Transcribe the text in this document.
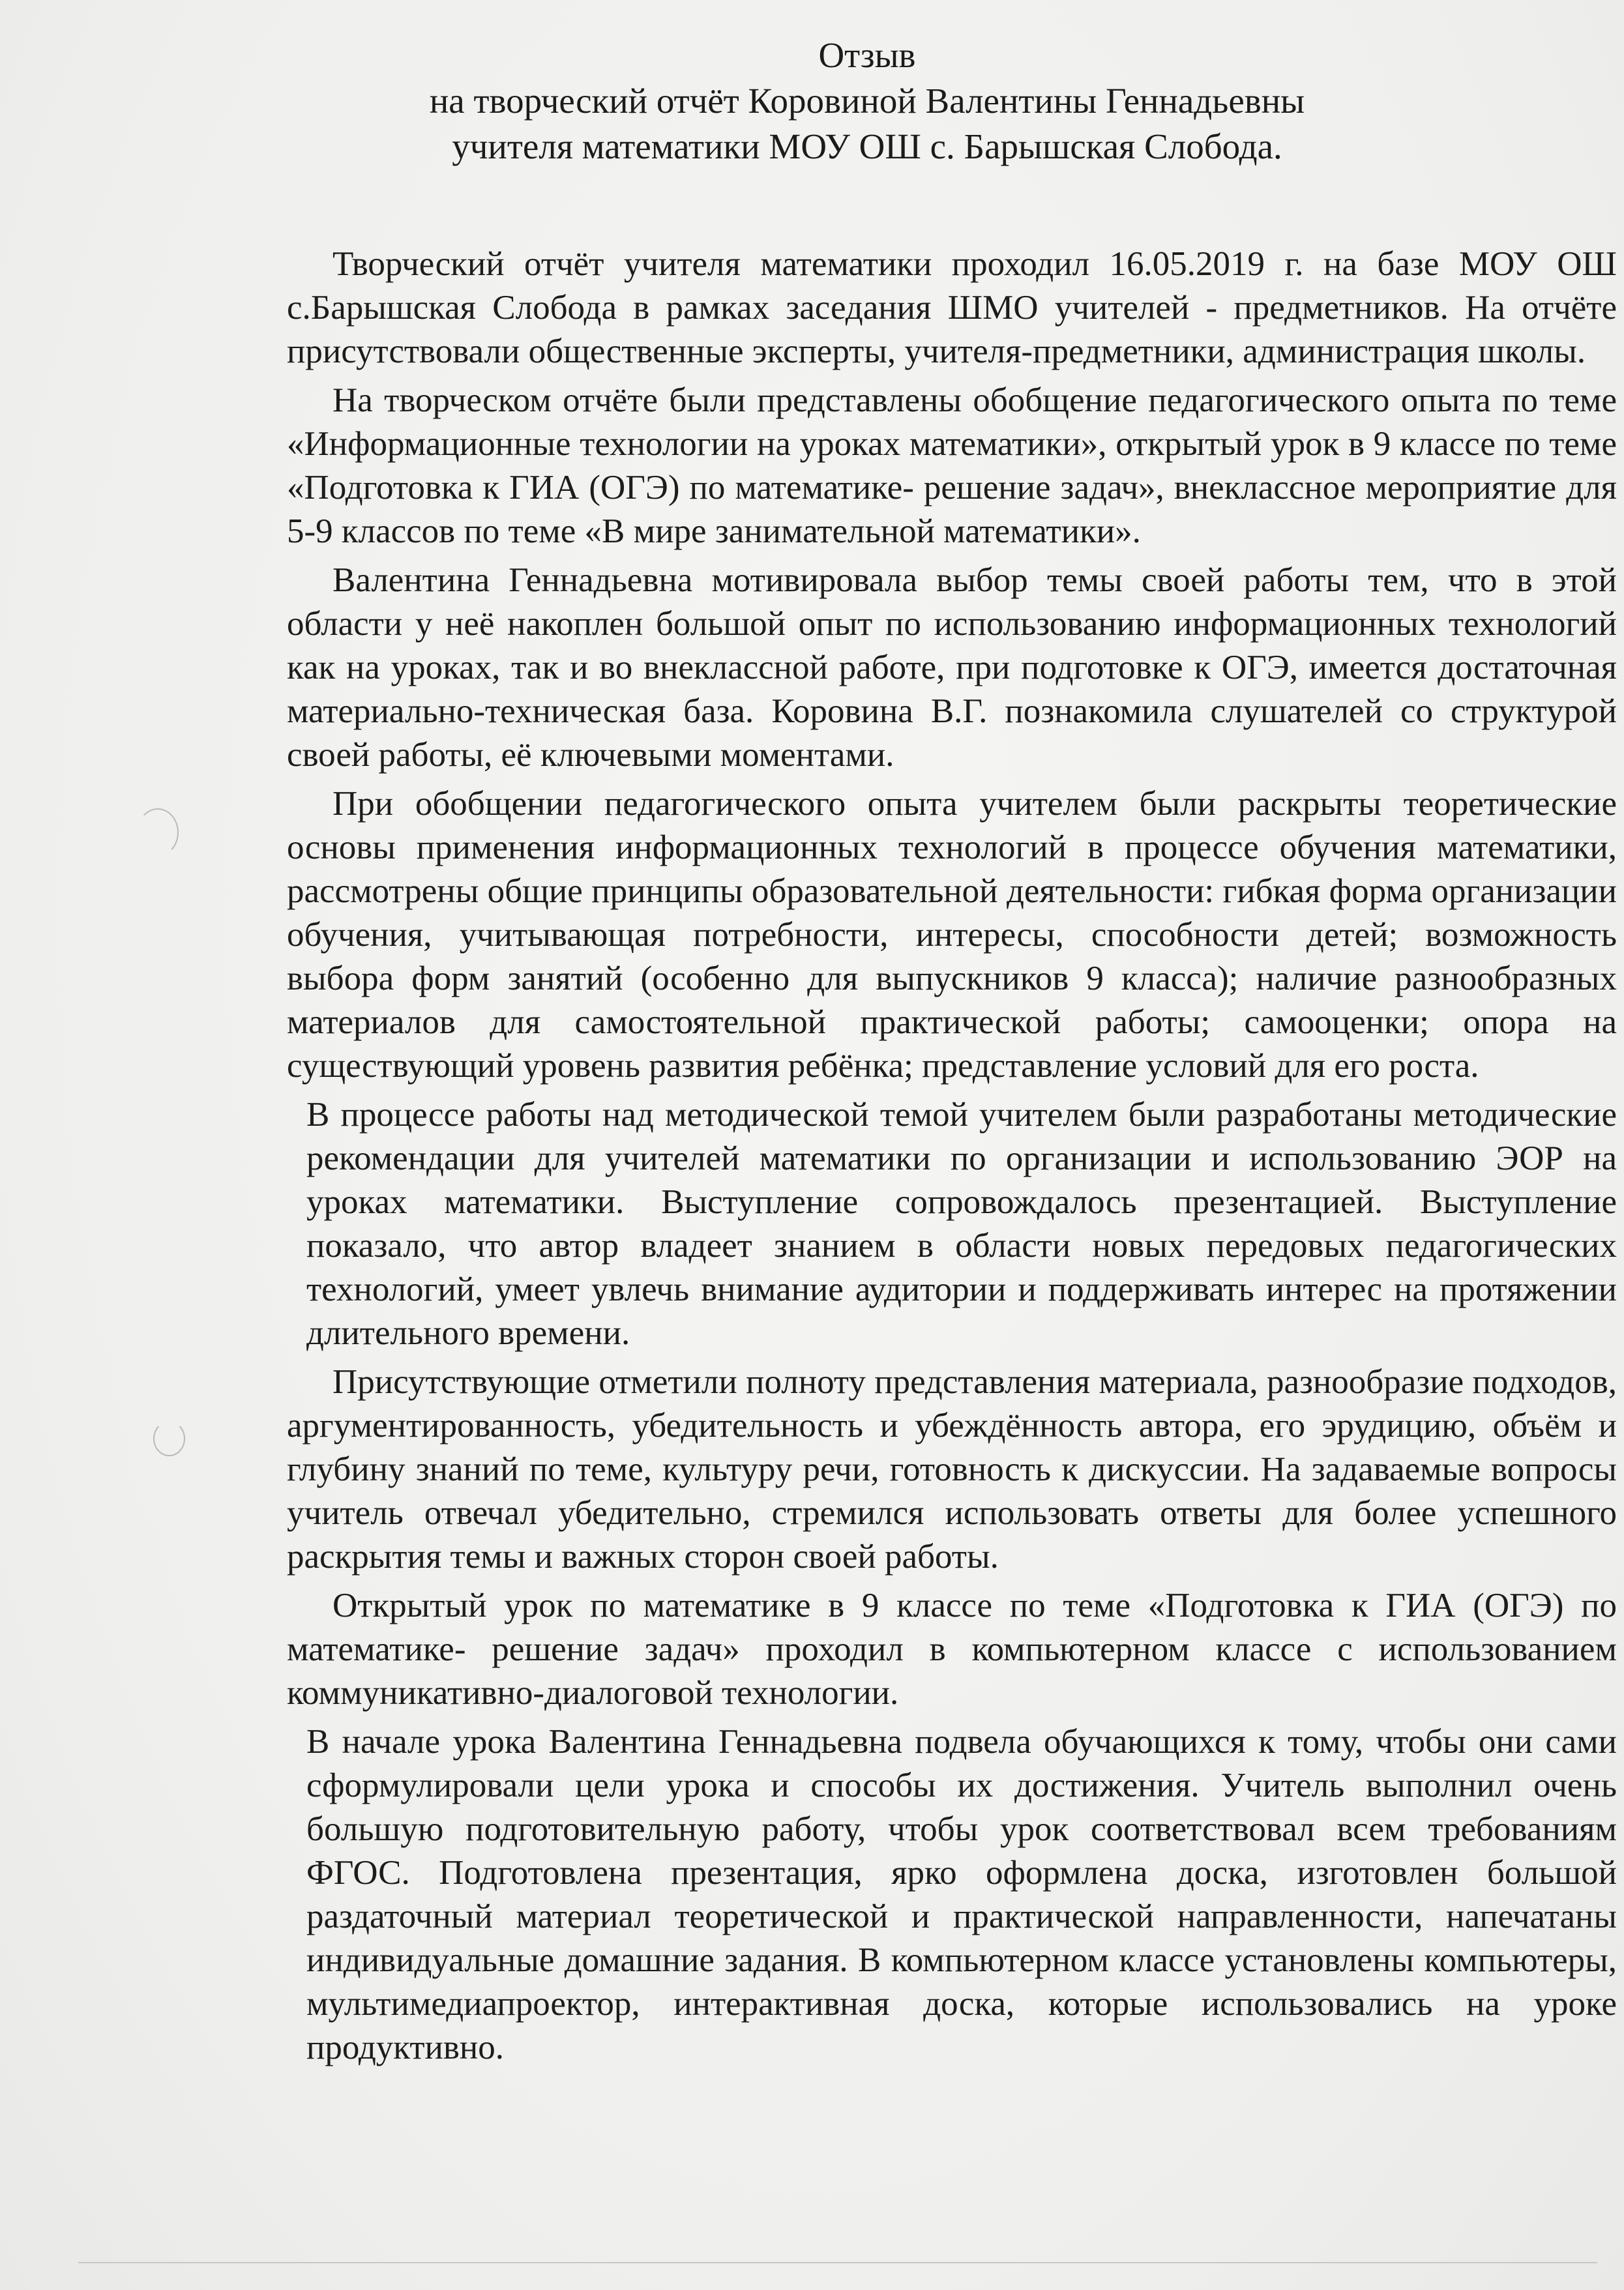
Отзыв
на творческий отчёт Коровиной Валентины Геннадьевны
учителя математики МОУ ОШ с. Барышская Слобода.

Творческий отчёт учителя математики проходил 16.05.2019 г. на базе МОУ ОШ с.Барышская Слобода в рамках заседания ШМО учителей - предметников. На отчёте присутствовали общественные эксперты, учителя-предметники, администрация школы.

На творческом отчёте были представлены обобщение педагогического опыта по теме «Информационные технологии на уроках математики», открытый урок в 9 классе по теме «Подготовка к ГИА (ОГЭ) по математике- решение задач», внеклассное мероприятие для 5-9 классов по теме «В мире занимательной математики».

Валентина Геннадьевна мотивировала выбор темы своей работы тем, что в этой области у неё накоплен большой опыт по использованию информационных технологий как на уроках, так и во внеклассной работе, при подготовке к ОГЭ, имеется достаточная материально-техническая база. Коровина В.Г. познакомила слушателей со структурой своей работы, её ключевыми моментами.

При обобщении педагогического опыта учителем были раскрыты теоретические основы применения информационных технологий в процессе обучения математики, рассмотрены общие принципы образовательной деятельности: гибкая форма организации обучения, учитывающая потребности, интересы, способности детей; возможность выбора форм занятий (особенно для выпускников 9 класса); наличие разнообразных материалов для самостоятельной практической работы; самооценки; опора на существующий уровень развития ребёнка; представление условий для его роста.

В процессе работы над методической темой учителем были разработаны методические рекомендации для учителей математики по организации и использованию ЭОР на уроках математики. Выступление сопровождалось презентацией. Выступление показало, что автор владеет знанием в области новых передовых педагогических технологий, умеет увлечь внимание аудитории и поддерживать интерес на протяжении длительного времени.

Присутствующие отметили полноту представления материала, разнообразие подходов, аргументированность, убедительность и убеждённость автора, его эрудицию, объём и глубину знаний по теме, культуру речи, готовность к дискуссии. На задаваемые вопросы учитель отвечал убедительно, стремился использовать ответы для более успешного раскрытия темы и важных сторон своей работы.

Открытый урок по математике в 9 классе по теме «Подготовка к ГИА (ОГЭ) по математике- решение задач» проходил в компьютерном классе с использованием коммуникативно-диалоговой технологии.

В начале урока Валентина Геннадьевна подвела обучающихся к тому, чтобы они сами сформулировали цели урока и способы их достижения. Учитель выполнил очень большую подготовительную работу, чтобы урок соответствовал всем требованиям ФГОС. Подготовлена презентация, ярко оформлена доска, изготовлен большой раздаточный материал теоретической и практической направленности, напечатаны индивидуальные домашние задания. В компьютерном классе установлены компьютеры, мультимедиапроектор, интерактивная доска, которые использовались на уроке продуктивно.
